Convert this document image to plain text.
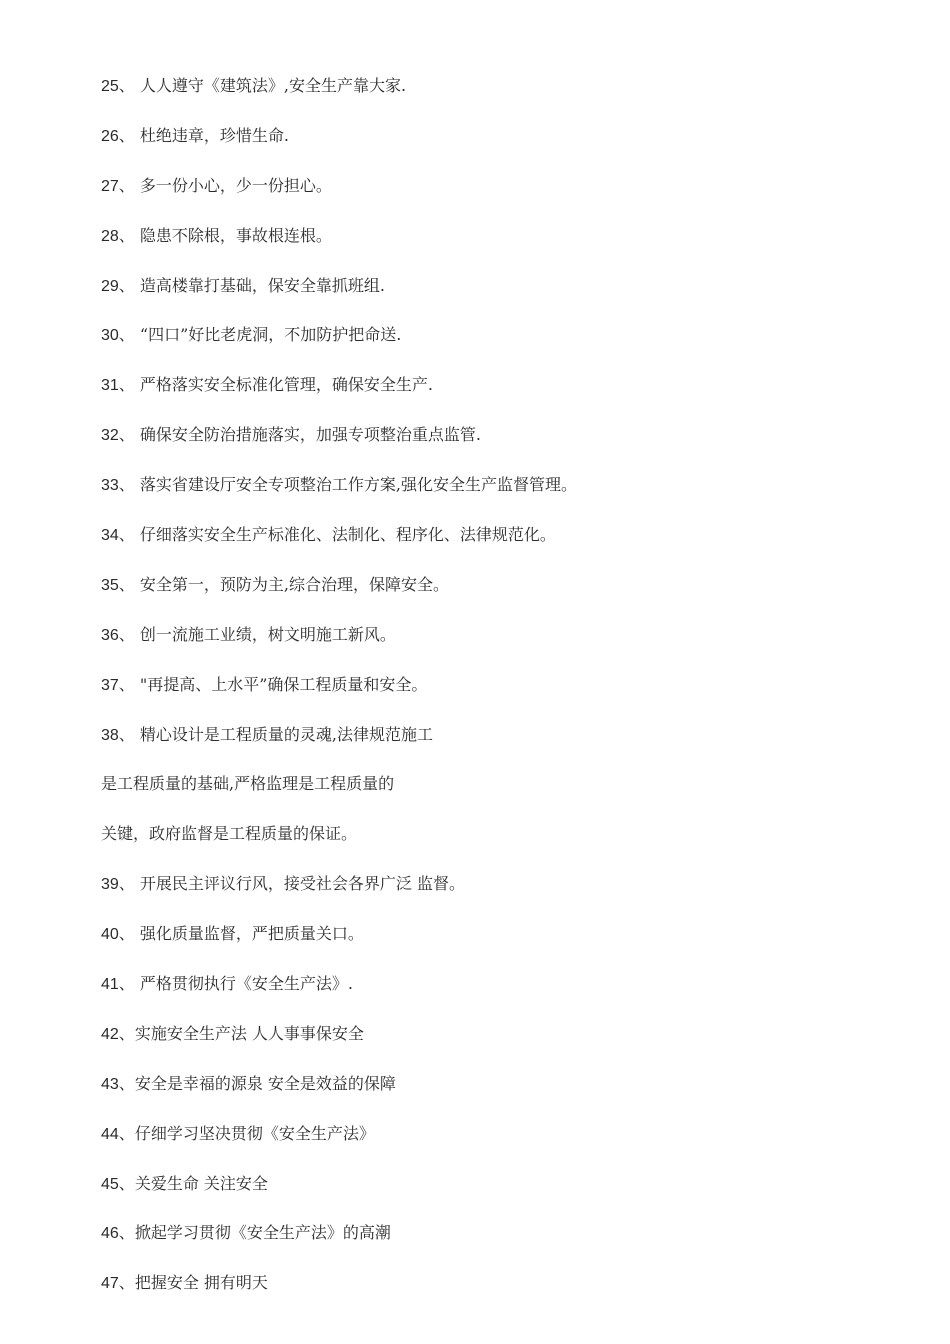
25、 人人遵守《建筑法》,安全生产靠大家.
26、 杜绝违章，珍惜生命.
27、 多一份小心，少一份担心。
28、 隐患不除根，事故根连根。
29、 造高楼靠打基础，保安全靠抓班组.
30、 “四口”好比老虎洞，不加防护把命送.
31、 严格落实安全标准化管理，确保安全生产.
32、 确保安全防治措施落实，加强专项整治重点监管.
33、 落实省建设厅安全专项整治工作方案,强化安全生产监督管理。
34、 仔细落实安全生产标准化、法制化、程序化、法律规范化。
35、 安全第一，预防为主,综合治理，保障安全。
36、 创一流施工业绩，树文明施工新风。
37、 "再提高、上水平”确保工程质量和安全。
38、 精心设计是工程质量的灵魂,法律规范施工
是工程质量的基础,严格监理是工程质量的
关键，政府监督是工程质量的保证。
39、 开展民主评议行风，接受社会各界广泛 监督。
40、 强化质量监督，严把质量关口。
41、 严格贯彻执行《安全生产法》.
42、实施安全生产法 人人事事保安全
43、安全是幸福的源泉 安全是效益的保障
44、仔细学习坚决贯彻《安全生产法》
45、关爱生命 关注安全
46、掀起学习贯彻《安全生产法》的高潮
47、把握安全 拥有明天
